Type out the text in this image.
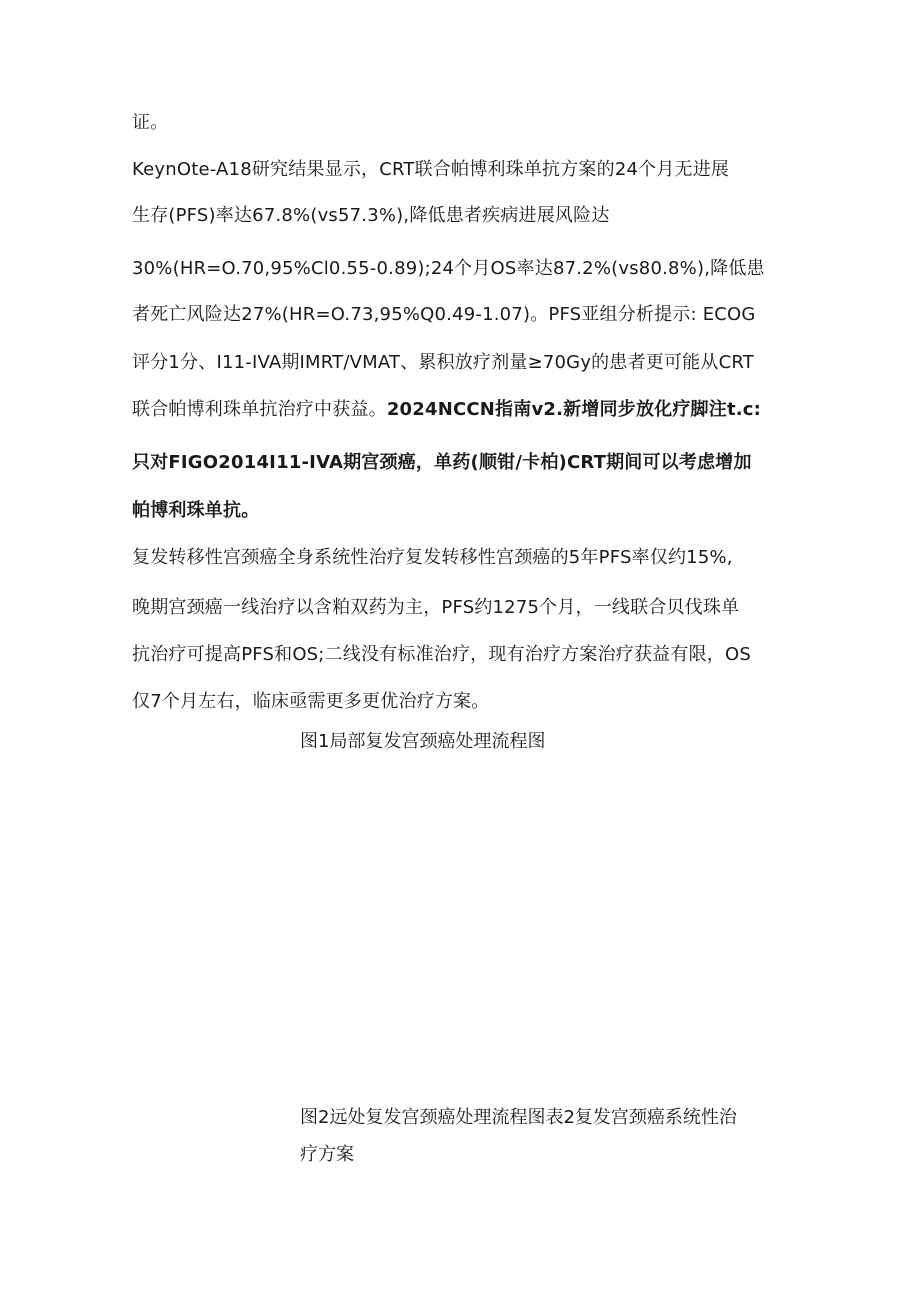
证。
KeynOte-A18研究结果显示，CRT联合帕博利珠单抗方案的24个月无进展
生存(PFS)率达67.8%(vs57.3%),降低患者疾病进展风险达
30%(HR=O.70,95%Cl0.55-0.89);24个月OS率达87.2%(vs80.8%),降低患
者死亡风险达27%(HR=O.73,95%Q0.49-1.07)。PFS亚组分析提示: ECOG
评分1分、I11-IVA期IMRT/VMAT、累积放疗剂量≥70Gy的患者更可能从CRT
联合帕博利珠单抗治疗中获益。2024NCCN指南v2.新增同步放化疗脚注t.c:
只对FIGO2014I11-IVA期宫颈癌，单药(顺钳/卡柏)CRT期间可以考虑增加
帕博利珠单抗。
复发转移性宫颈癌全身系统性治疗复发转移性宫颈癌的5年PFS率仅约15%,
晚期宫颈癌一线治疗以含粕双药为主，PFS约1275个月，一线联合贝伐珠单
抗治疗可提高PFS和OS;二线没有标准治疗，现有治疗方案治疗获益有限，OS
仅7个月左右，临床亟需更多更优治疗方案。
图1局部复发宫颈癌处理流程图
图2远处复发宫颈癌处理流程图表2复发宫颈癌系统性治
疗方案
